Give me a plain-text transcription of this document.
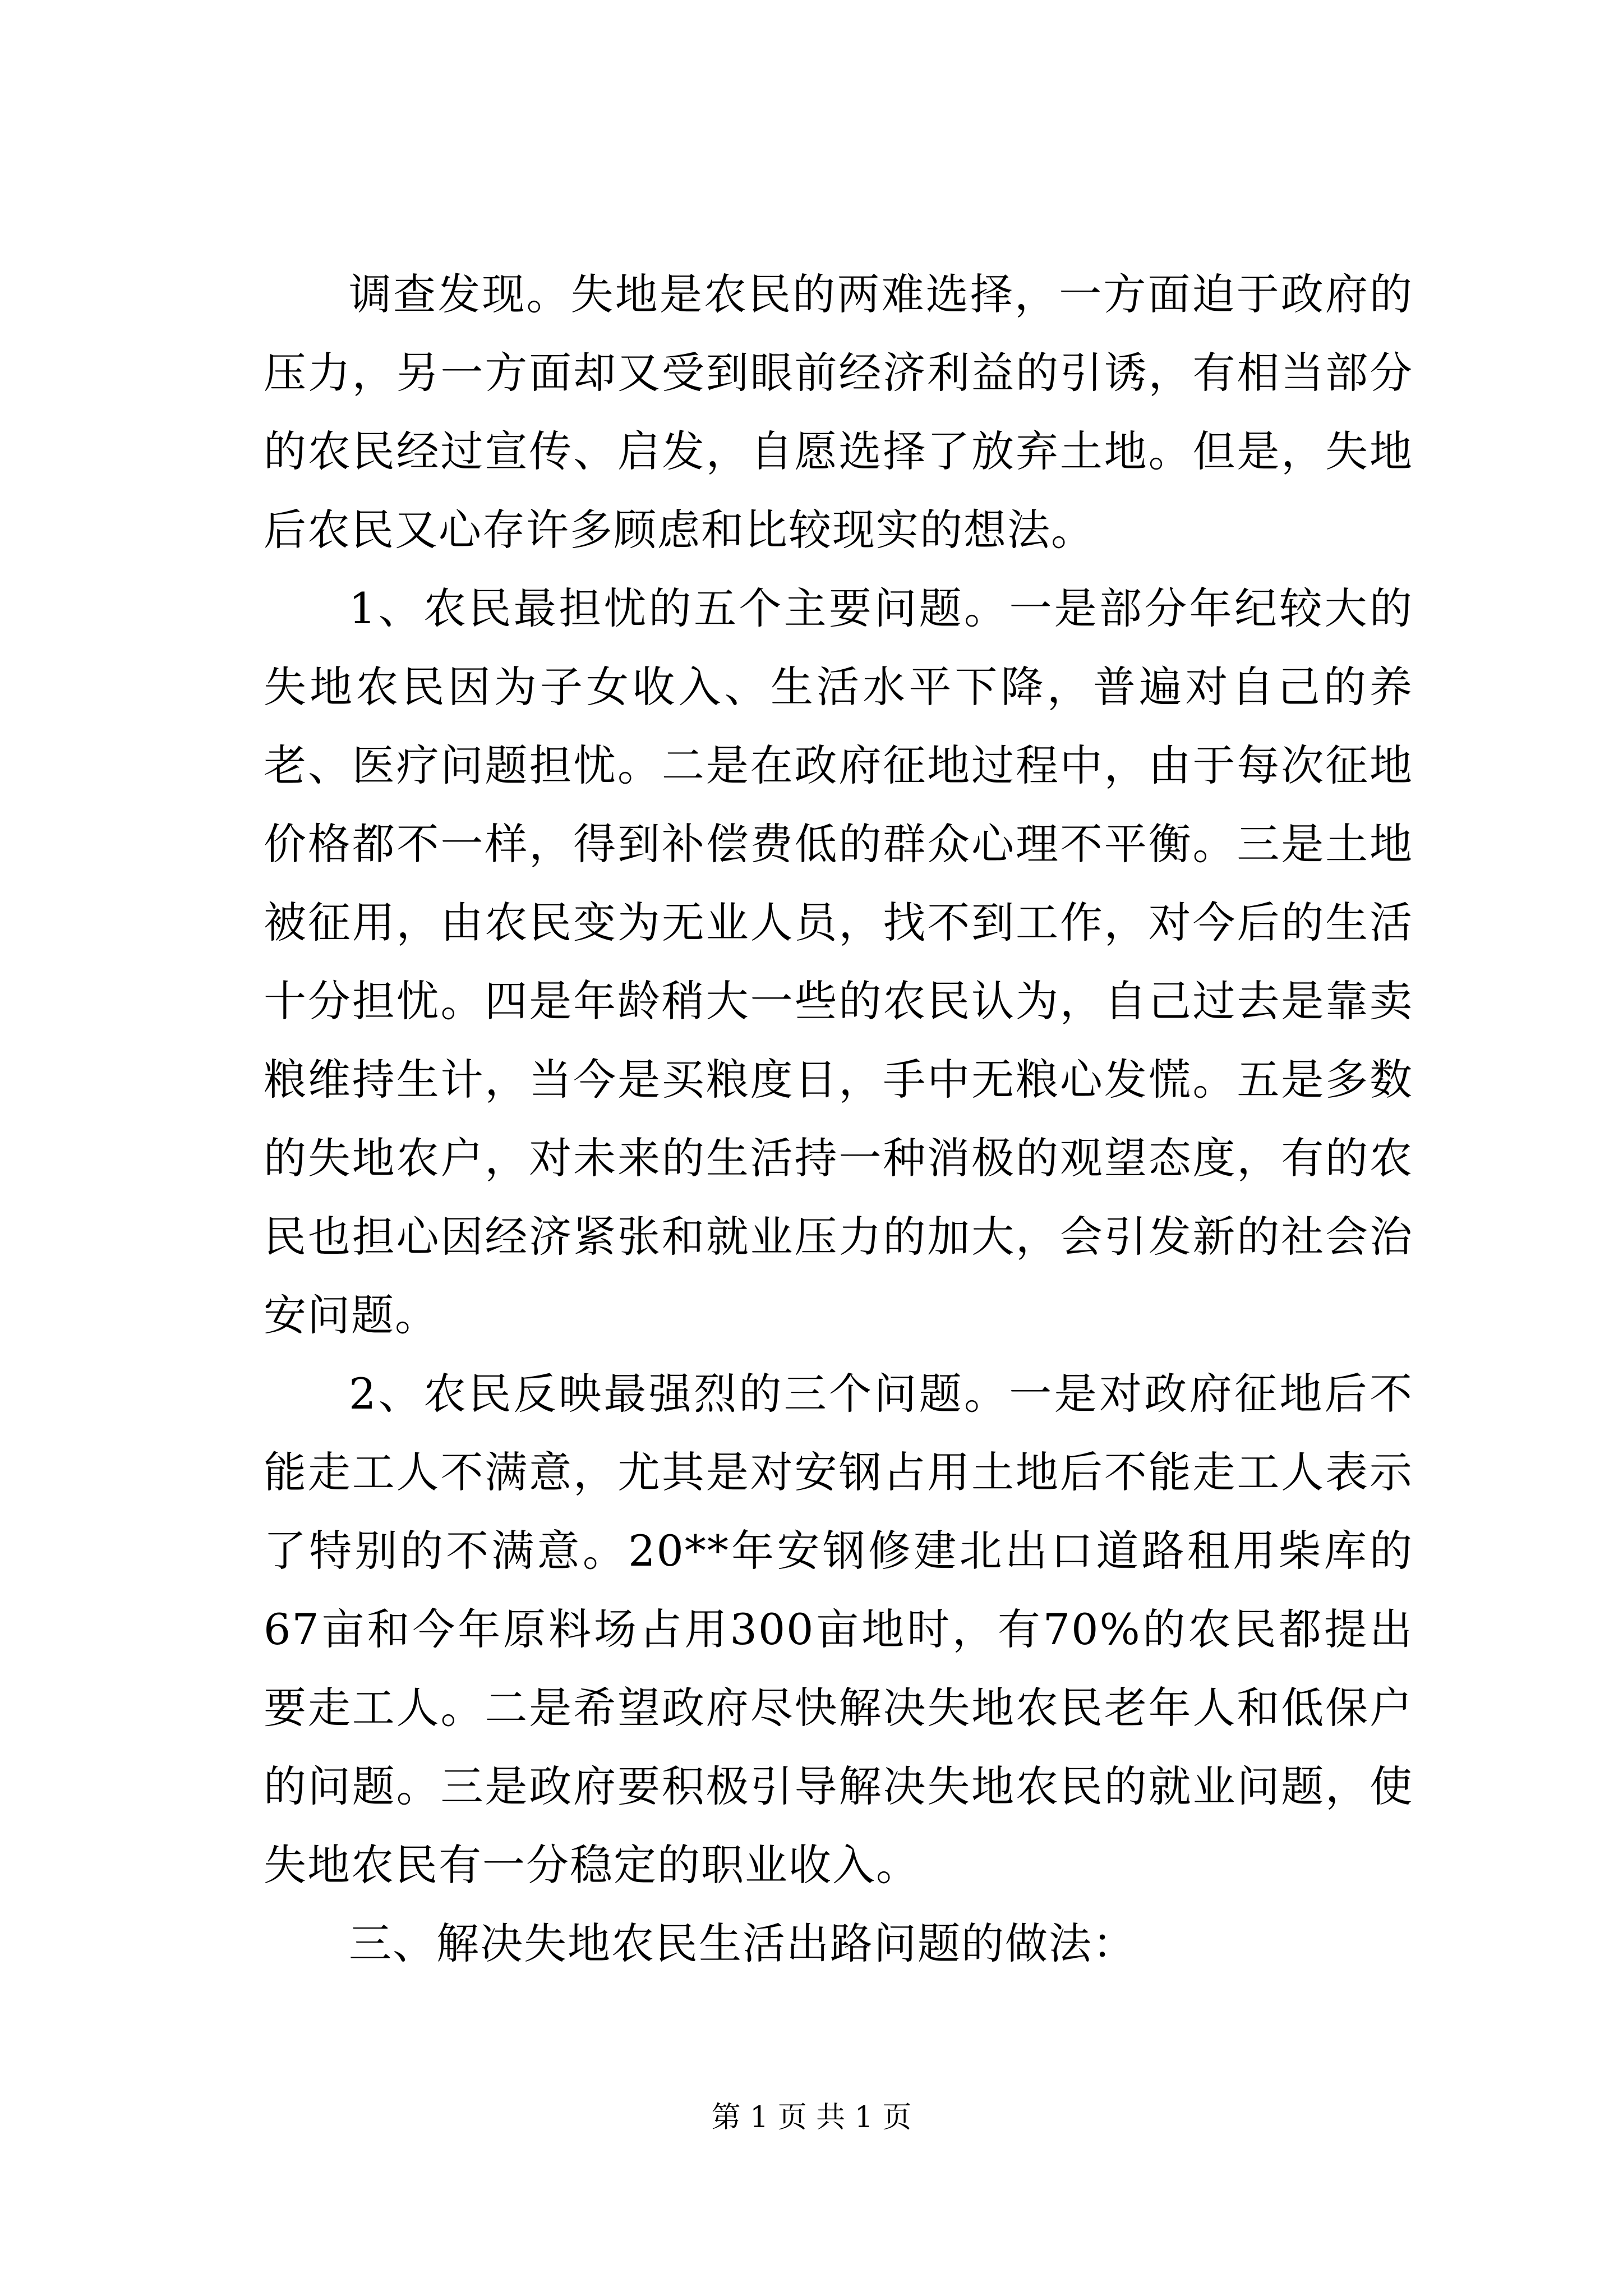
调查发现。失地是农民的两难选择，一方面迫于政府的压力，另一方面却又受到眼前经济利益的引诱，有相当部分的农民经过宣传、启发，自愿选择了放弃土地。但是，失地后农民又心存许多顾虑和比较现实的想法。

1、农民最担忧的五个主要问题。一是部分年纪较大的失地农民因为子女收入、生活水平下降，普遍对自己的养老、医疗问题担忧。二是在政府征地过程中，由于每次征地价格都不一样，得到补偿费低的群众心理不平衡。三是土地被征用，由农民变为无业人员，找不到工作，对今后的生活十分担忧。四是年龄稍大一些的农民认为，自己过去是靠卖粮维持生计，当今是买粮度日，手中无粮心发慌。五是多数的失地农户，对未来的生活持一种消极的观望态度，有的农民也担心因经济紧张和就业压力的加大，会引发新的社会治安问题。

2、农民反映最强烈的三个问题。一是对政府征地后不能走工人不满意，尤其是对安钢占用土地后不能走工人表示了特别的不满意。20**年安钢修建北出口道路租用柴库的67亩和今年原料场占用300亩地时，有70%的农民都提出要走工人。二是希望政府尽快解决失地农民老年人和低保户的问题。三是政府要积极引导解决失地农民的就业问题，使失地农民有一分稳定的职业收入。

三、解决失地农民生活出路问题的做法：

第 1 页 共 1 页
